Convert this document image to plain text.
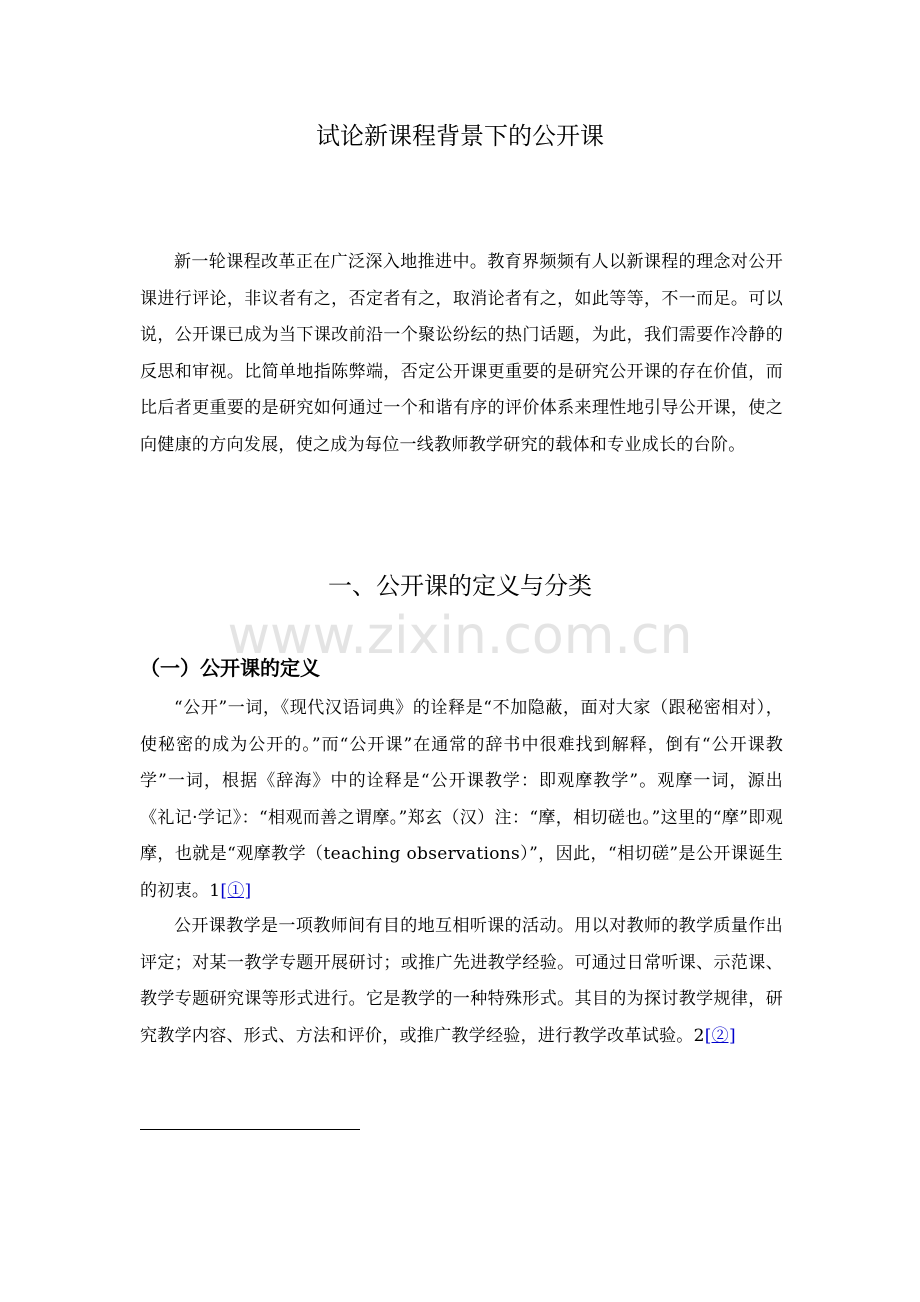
试论新课程背景下的公开课

新一轮课程改革正在广泛深入地推进中。教育界频频有人以新课程的理念对公开课进行评论，非议者有之，否定者有之，取消论者有之，如此等等，不一而足。可以说，公开课已成为当下课改前沿一个聚讼纷纭的热门话题，为此，我们需要作冷静的反思和审视。比简单地指陈弊端，否定公开课更重要的是研究公开课的存在价值，而比后者更重要的是研究如何通过一个和谐有序的评价体系来理性地引导公开课，使之向健康的方向发展，使之成为每位一线教师教学研究的载体和专业成长的台阶。

一、公开课的定义与分类
www.zixin.com.cn
（一）公开课的定义

“公开”一词，《现代汉语词典》的诠释是“不加隐蔽，面对大家（跟秘密相对），使秘密的成为公开的。”而“公开课”在通常的辞书中很难找到解释，倒有“公开课教学”一词，根据《辞海》中的诠释是“公开课教学：即观摩教学”。观摩一词，源出《礼记·学记》：“相观而善之谓摩。”郑玄（汉）注：“摩，相切磋也。”这里的“摩”即观摩，也就是“观摩教学（teaching observations）”，因此，“相切磋”是公开课诞生的初衷。1[①]

公开课教学是一项教师间有目的地互相听课的活动。用以对教师的教学质量作出评定；对某一教学专题开展研讨；或推广先进教学经验。可通过日常听课、示范课、教学专题研究课等形式进行。它是教学的一种特殊形式。其目的为探讨教学规律，研究教学内容、形式、方法和评价，或推广教学经验，进行教学改革试验。2[②]
